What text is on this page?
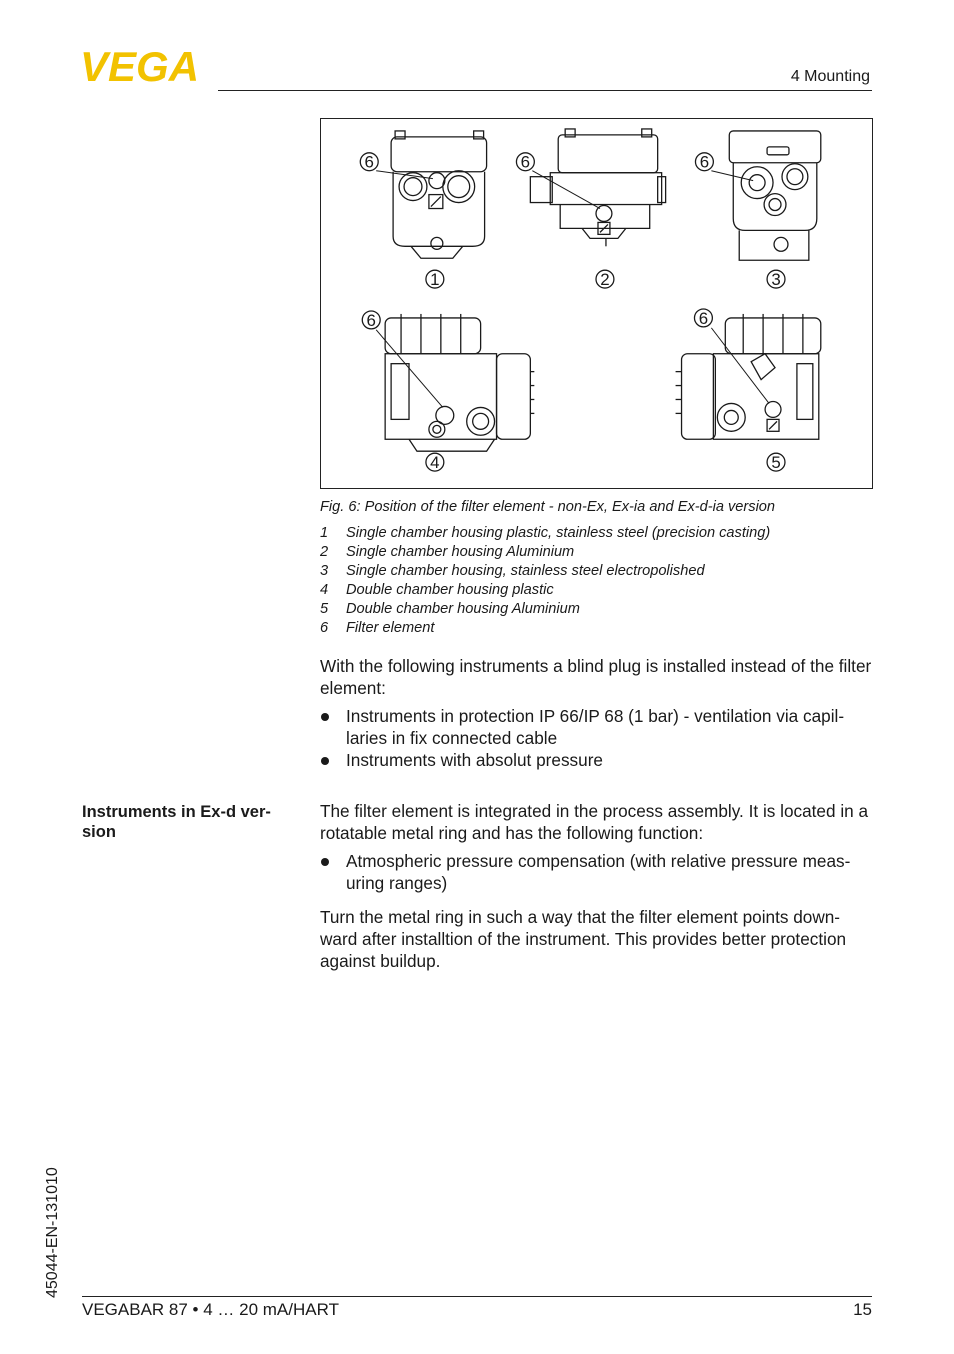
VEGA	4 Mounting
6	6	6
1	2	3
6	6
4	5
Fig. 6: Position of the filter element - non-Ex, Ex-ia and Ex-d-ia version
1 Single chamber housing plastic, stainless steel (precision casting)
2 Single chamber housing Aluminium
3 Single chamber housing, stainless steel electropolished
4 Double chamber housing plastic
5 Double chamber housing Aluminium
6 Filter element

With the following instruments a blind plug is installed instead of the filter element:

Instruments in protection IP 66/IP 68 (1 bar) - ventilation via capil-laries in fix connected cable
Instruments with absolut pressure
Instruments in Ex-d ver-sion

The filter element is integrated in the process assembly. It is located in a rotatable metal ring and has the following function:

Atmospheric pressure compensation (with relative pressure meas-uring ranges)

Turn the metal ring in such a way that the filter element points down-ward after installtion of the instrument. This provides better protection against buildup.

45044-EN-131010
VEGABAR 87 • 4 … 20 mA/HART	15
